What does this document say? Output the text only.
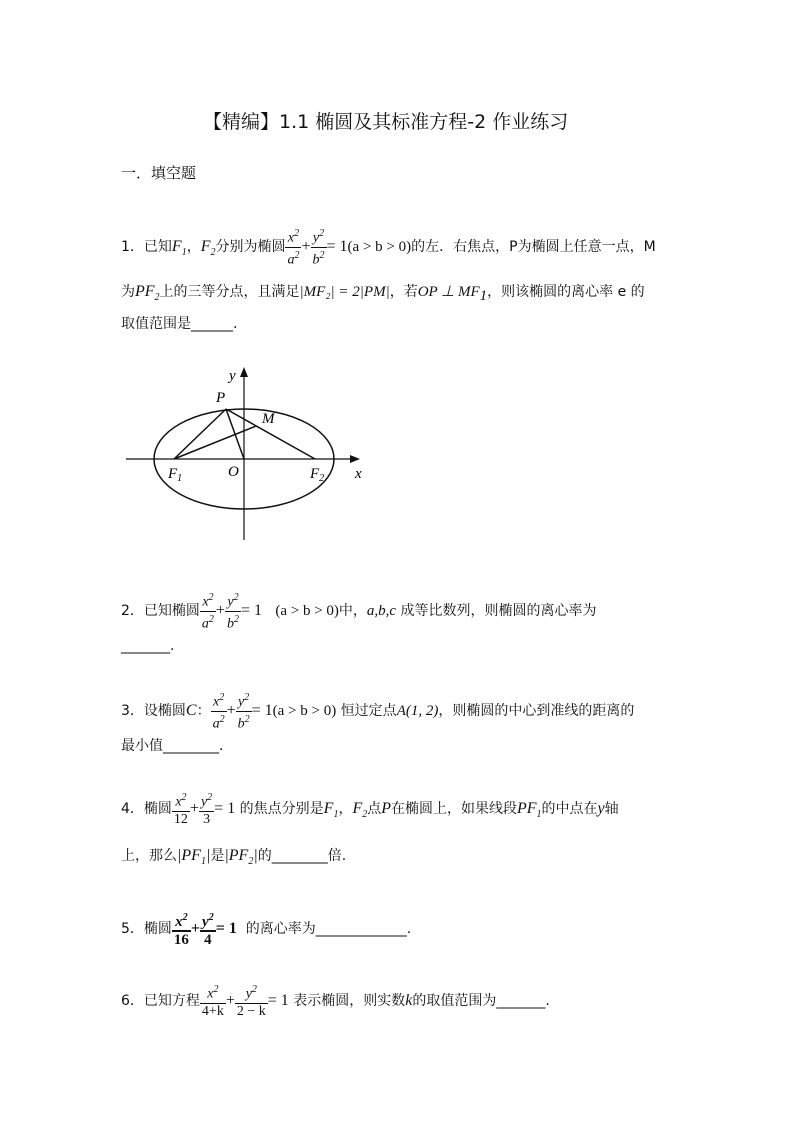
【精编】1.1 椭圆及其标准方程-2 作业练习
一．填空题
1．已知$F_1$，$F_2$分别为椭圆 $\frac{x^2}{a^2} + \frac{y^2}{b^2} = 1(a > b > 0)$的左．右焦点，P为椭圆上任意一点，M
为$PF_2$上的三等分点，且满足|MF₂| = 2|PM|，若OP ⊥ $MF_1$，则该椭圆的离心率 e 的
取值范围是______.
y
x
P
M
O
$F_1$	$F_2$
2．已知椭圆 $\frac{x^2}{a^2} + \frac{y^2}{b^2} = 1$ (a > b > 0)中，a,b,c 成等比数列，则椭圆的离心率为
_______.
3．设椭圆C： $\frac{x^2}{a^2} + \frac{y^2}{b^2} = 1(a > b > 0)$ 恒过定点A(1, 2)，则椭圆的中心到准线的距离的
最小值________.
4．椭圆 $\frac{x^2}{12} + \frac{y^2}{3} = 1$ 的焦点分别是$F_1$，$F_2$点P在椭圆上，如果线段$PF_1$的中点在y轴
上，那么$|PF_1|$是$|PF_2|$的________倍.
5．椭圆 $\frac{x^2}{16} + \frac{y^2}{4} = 1$ 的离心率为_____________.
6．已知方程 $\frac{x^2}{4+k} + \frac{y^2}{2 - k} = 1$ 表示椭圆，则实数k的取值范围为_______.
